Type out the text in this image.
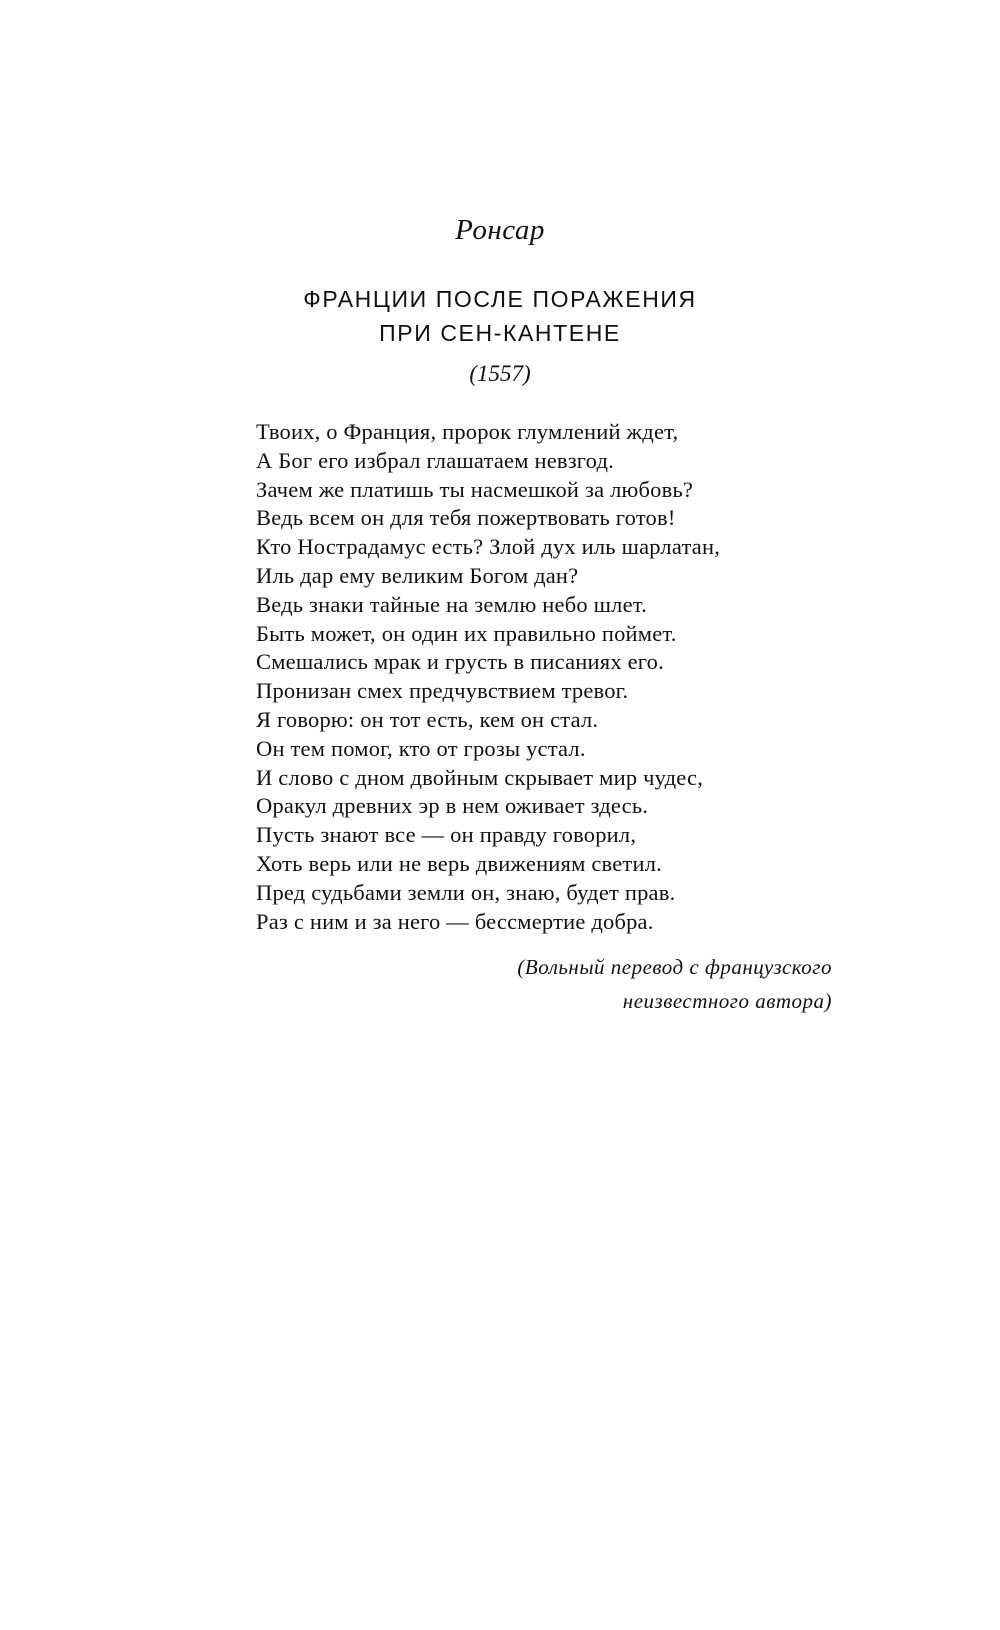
Ронсар
ФРАНЦИИ ПОСЛЕ ПОРАЖЕНИЯ
ПРИ СЕН-КАНТЕНЕ
(1557)
Твоих, о Франция, пророк глумлений ждет,
А Бог его избрал глашатаем невзгод.
Зачем же платишь ты насмешкой за любовь?
Ведь всем он для тебя пожертвовать готов!
Кто Нострадамус есть? Злой дух иль шарлатан,
Иль дар ему великим Богом дан?
Ведь знаки тайные на землю небо шлет.
Быть может, он один их правильно поймет.
Смешались мрак и грусть в писаниях его.
Пронизан смех предчувствием тревог.
Я говорю: он тот есть, кем он стал.
Он тем помог, кто от грозы устал.
И слово с дном двойным скрывает мир чудес,
Оракул древних эр в нем оживает здесь.
Пусть знают все — он правду говорил,
Хоть верь или не верь движениям светил.
Пред судьбами земли он, знаю, будет прав.
Раз с ним и за него — бессмертие добра.
(Вольный перевод с французского
неизвестного автора)
